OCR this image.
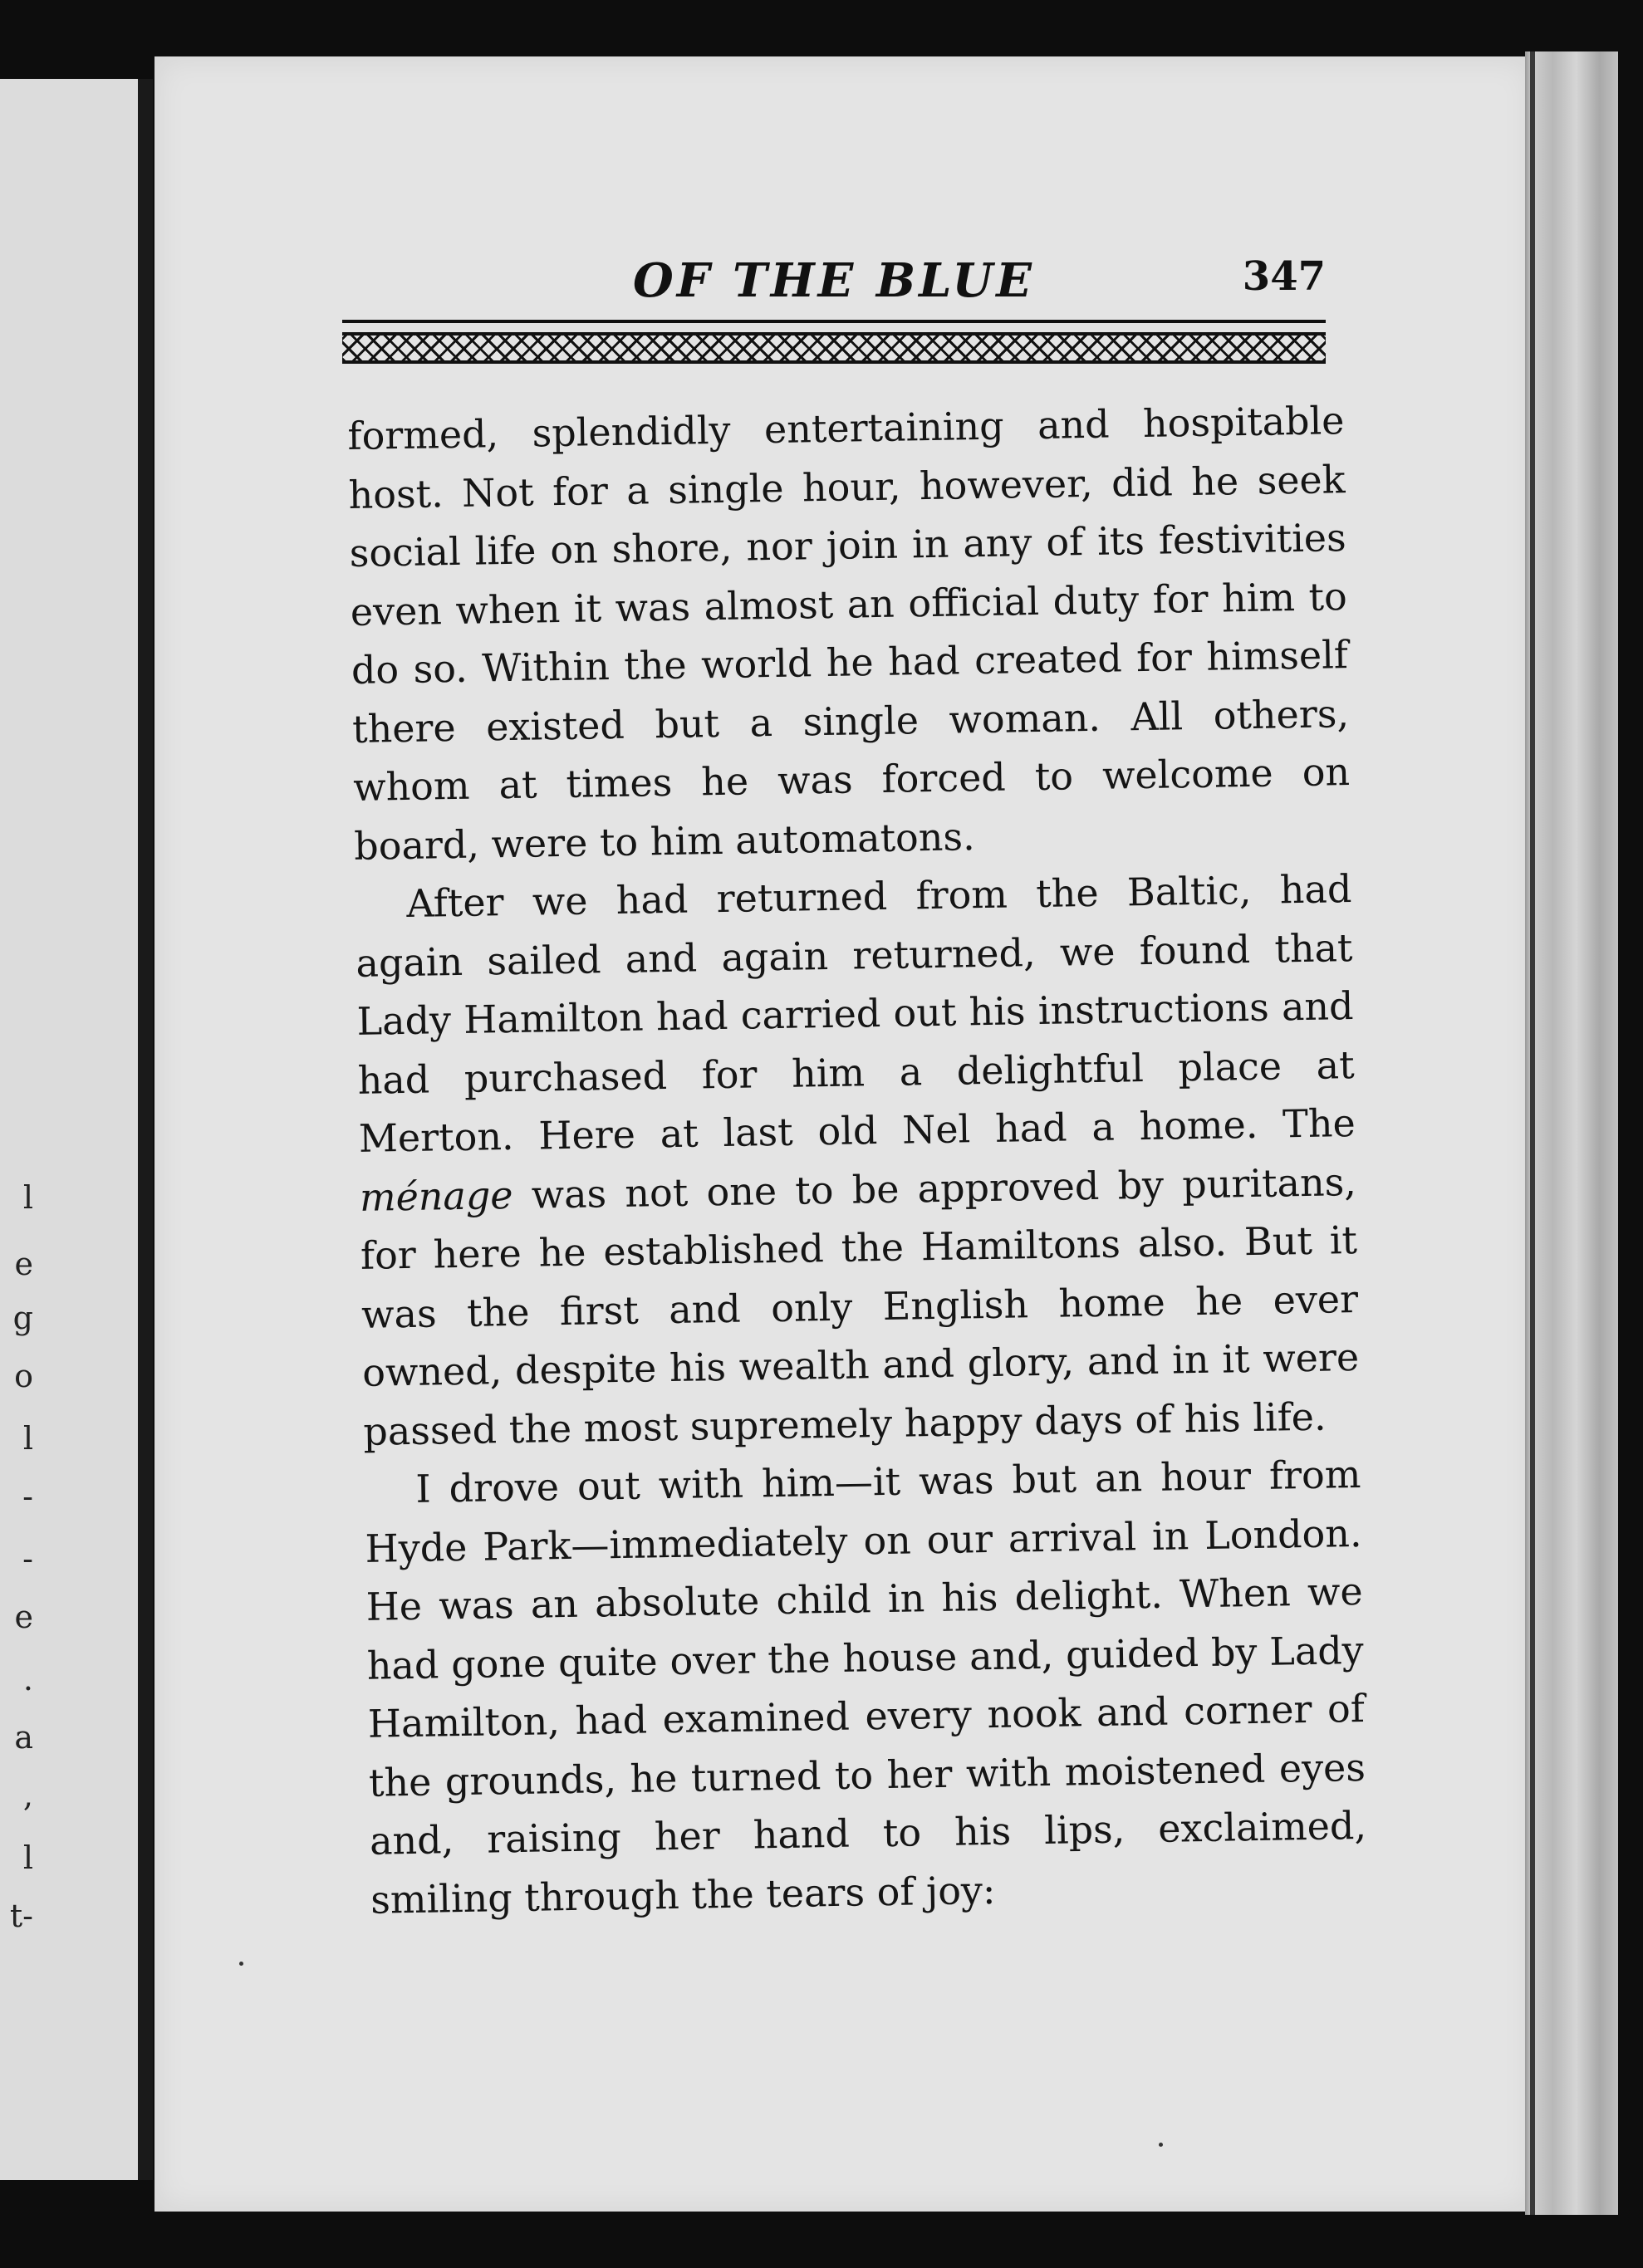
l
e
g
o
l
-
-
e
.
a
,
l
t-
OF THE BLUE	347

formed, splendidly entertaining and hospitable host. Not for a single hour, however, did he seek social life on shore, nor join in any of its festivities even when it was almost an official duty for him to do so. Within the world he had created for himself there existed but a single woman. All others, whom at times he was forced to welcome on board, were to him automatons.

After we had returned from the Baltic, had again sailed and again returned, we found that Lady Hamilton had carried out his instructions and had purchased for him a delightful place at Merton. Here at last old Nel had a home. The ménage was not one to be approved by puritans, for here he established the Hamiltons also. But it was the first and only English home he ever owned, despite his wealth and glory, and in it were passed the most supremely happy days of his life.

I drove out with him—it was but an hour from Hyde Park—immediately on our arrival in London. He was an absolute child in his delight. When we had gone quite over the house and, guided by Lady Hamilton, had examined every nook and corner of the grounds, he turned to her with moistened eyes and, raising her hand to his lips, exclaimed, smiling through the tears of joy:
